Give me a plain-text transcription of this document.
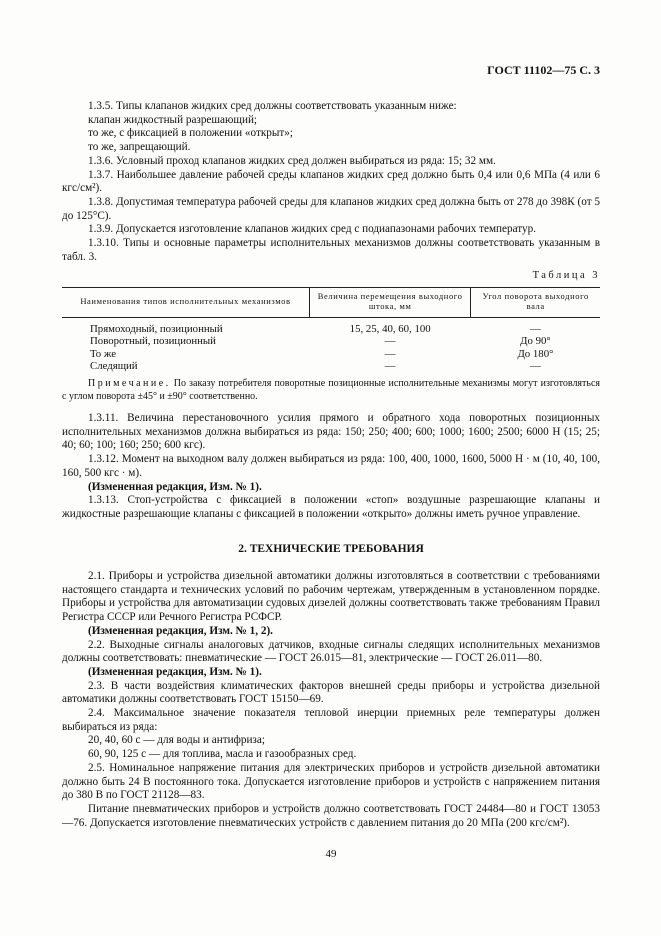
ГОСТ 11102—75 С. 3

1.3.5. Типы клапанов жидких сред должны соответствовать указанным ниже:

клапан жидкостный разрешающий;

то же, с фиксацией в положении «открыт»;

то же, запрещающий.

1.3.6. Условный проход клапанов жидких сред должен выбираться из ряда: 15; 32 мм.

1.3.7. Наибольшее давление рабочей среды клапанов жидких сред должно быть 0,4 или 0,6 МПа (4 или 6 кгс/см²).

1.3.8. Допустимая температура рабочей среды для клапанов жидких сред должна быть от 278 до 398К (от 5 до 125°С).

1.3.9. Допускается изготовление клапанов жидких сред с подиапазонами рабочих температур.

1.3.10. Типы и основные параметры исполнительных механизмов должны соответствовать указанным в табл. 3.

Таблица 3
Наименования типов исполнительных механизмов	Величина перемещения выходного штока, мм	Угол поворота выходного вала
Прямоходный, позиционный	15, 25, 40, 60, 100	—
Поворотный, позиционный	—	До 90°
То же	—	До 180°
Следящий	—	—

Примечание. По заказу потребителя поворотные позиционные исполнительные механизмы могут изготовляться с углом поворота ±45° и ±90° соответственно.

1.3.11. Величина перестановочного усилия прямого и обратного хода поворотных позиционных исполнительных механизмов должна выбираться из ряда: 150; 250; 400; 600; 1000; 1600; 2500; 6000 Н (15; 25; 40; 60; 100; 160; 250; 600 кгс).

1.3.12. Момент на выходном валу должен выбираться из ряда: 100, 400, 1000, 1600, 5000 Н · м (10, 40, 100, 160, 500 кгс · м).

(Измененная редакция, Изм. № 1).

1.3.13. Стоп-устройства с фиксацией в положении «стоп» воздушные разрешающие клапаны и жидкостные разрешающие клапаны с фиксацией в положении «открыто» должны иметь ручное управление.

2. ТЕХНИЧЕСКИЕ ТРЕБОВАНИЯ

2.1. Приборы и устройства дизельной автоматики должны изготовляться в соответствии с требованиями настоящего стандарта и технических условий по рабочим чертежам, утвержденным в установленном порядке. Приборы и устройства для автоматизации судовых дизелей должны соответствовать также требованиям Правил Регистра СССР или Речного Регистра РСФСР.

(Измененная редакция, Изм. № 1, 2).

2.2. Выходные сигналы аналоговых датчиков, входные сигналы следящих исполнительных механизмов должны соответствовать: пневматические — ГОСТ 26.015—81, электрические — ГОСТ 26.011—80.

(Измененная редакция, Изм. № 1).

2.3. В части воздействия климатических факторов внешней среды приборы и устройства дизельной автоматики должны соответствовать ГОСТ 15150—69.

2.4. Максимальное значение показателя тепловой инерции приемных реле температуры должен выбираться из ряда:

20, 40, 60 с — для воды и антифриза;

60, 90, 125 с — для топлива, масла и газообразных сред.

2.5. Номинальное напряжение питания для электрических приборов и устройств дизельной автоматики должно быть 24 В постоянного тока. Допускается изготовление приборов и устройств с напряжением питания до 380 В по ГОСТ 21128—83.

Питание пневматических приборов и устройств должно соответствовать ГОСТ 24484—80 и ГОСТ 13053—76. Допускается изготовление пневматических устройств с давлением питания до 20 МПа (200 кгс/см²).

49
